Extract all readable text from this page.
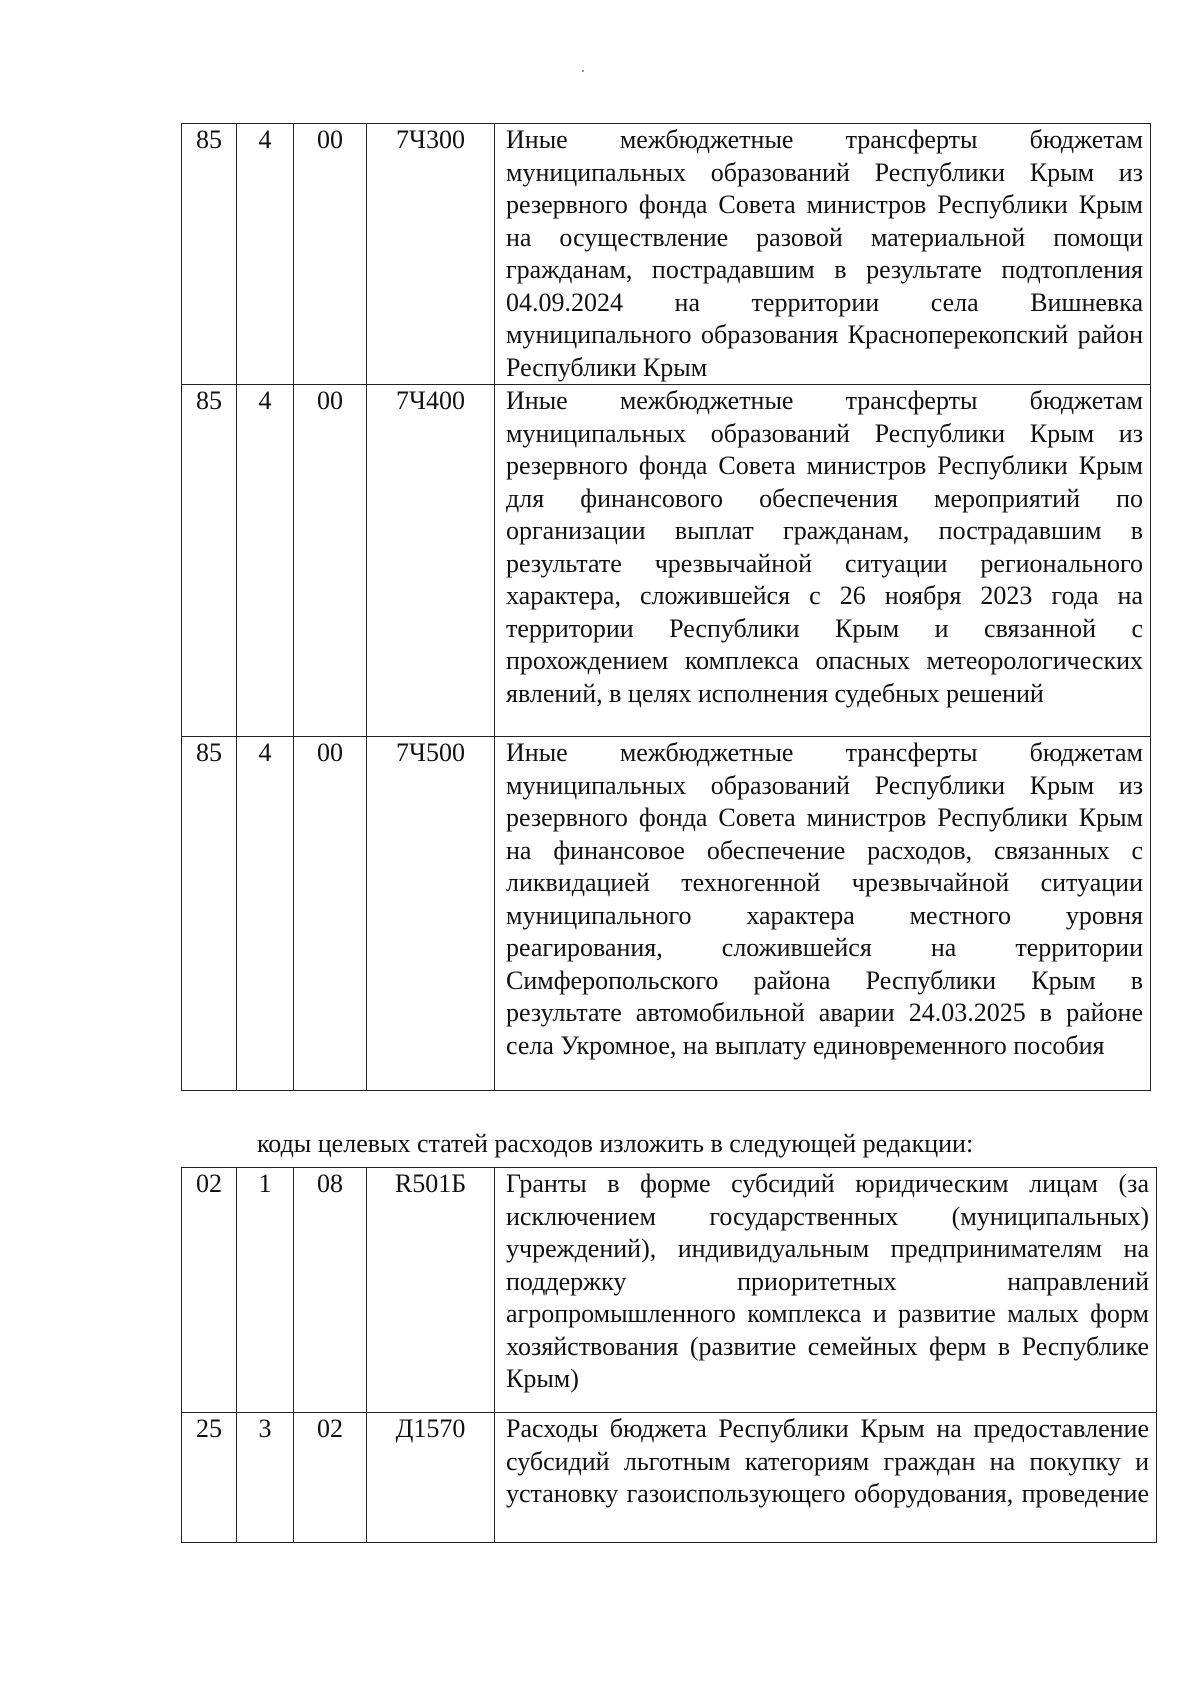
85	4	00	7Ч300	Иные межбюджетные трансферты бюджетам муниципальных образований Республики Крым из резервного фонда Совета министров Республики Крым на осуществление разовой материальной помощи гражданам, пострадавшим в результате подтопления 04.09.2024 на территории села Вишневка муниципального образования Красноперекопский район Республики Крым
85	4	00	7Ч400	Иные межбюджетные трансферты бюджетам муниципальных образований Республики Крым из резервного фонда Совета министров Республики Крым для финансового обеспечения мероприятий по организации выплат гражданам, пострадавшим в результате чрезвычайной ситуации регионального характера, сложившейся с 26 ноября 2023 года на территории Республики Крым и связанной с прохождением комплекса опасных метеорологических явлений, в целях исполнения судебных решений
85	4	00	7Ч500	Иные межбюджетные трансферты бюджетам муниципальных образований Республики Крым из резервного фонда Совета министров Республики Крым на финансовое обеспечение расходов, связанных с ликвидацией техногенной чрезвычайной ситуации муниципального характера местного уровня реагирования, сложившейся на территории Симферопольского района Республики Крым в результате автомобильной аварии 24.03.2025 в районе села Укромное, на выплату единовременного пособия
коды целевых статей расходов изложить в следующей редакции:
02	1	08	R501Б	Гранты в форме субсидий юридическим лицам (за исключением государственных (муниципальных) учреждений), индивидуальным предпринимателям на поддержку приоритетных направлений агропромышленного комплекса и развитие малых форм хозяйствования (развитие семейных ферм в Республике Крым)
25	3	02	Д1570	Расходы бюджета Республики Крым на предоставление субсидий льготным категориям граждан на покупку и установку газоиспользующего оборудования, проведение
